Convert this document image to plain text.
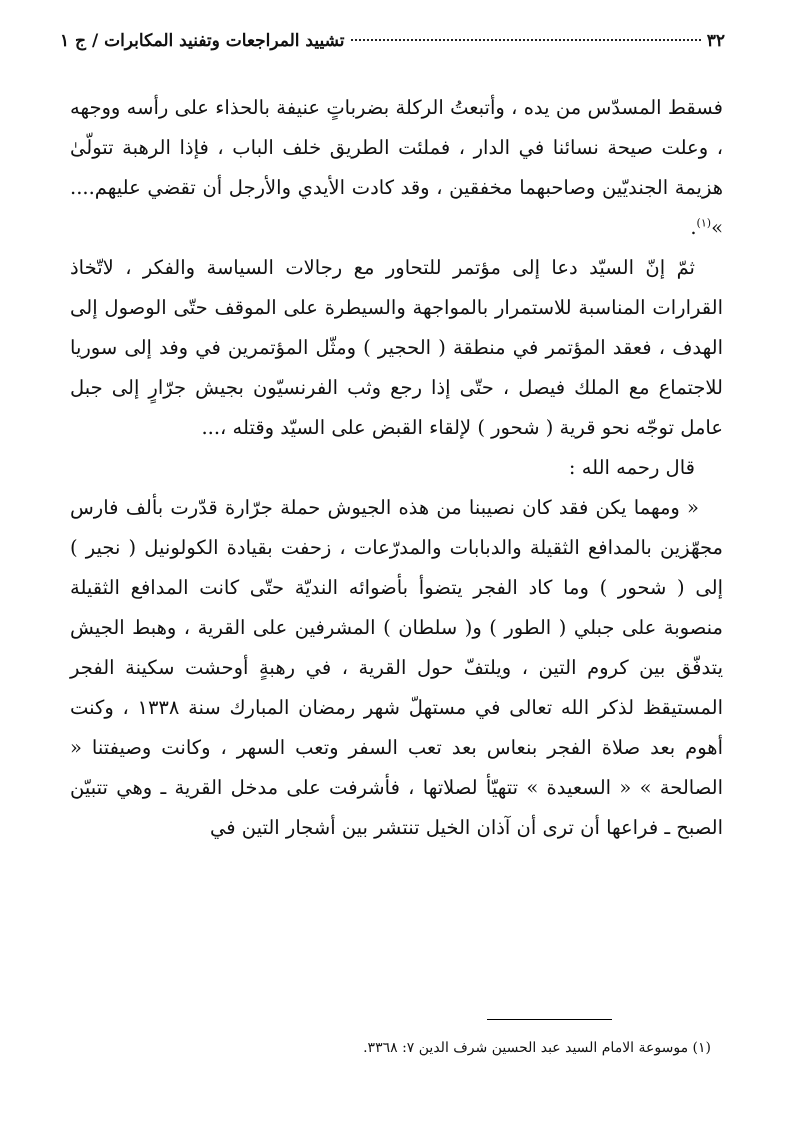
٣٢
تشييد المراجعات وتفنيد المكابرات / ج ١

فسقط المسدّس من يده ، وأتبعتُ الركلة بضرباتٍ عنيفة بالحذاء على رأسه ووجهه ، وعلت صيحة نسائنا في الدار ، فملئت الطريق خلف الباب ، فإذا الرهبة تتولّىٰ هزيمة الجنديّين وصاحبهما مخفقين ، وقد كادت الأيدي والأرجل أن تقضي عليهم.... »$^{(١)}$.

ثمّ إنّ السيّد دعا إلى مؤتمر للتحاور مع رجالات السياسة والفكر ، لاتّخاذ القرارات المناسبة للاستمرار بالمواجهة والسيطرة على الموقف حتّى الوصول إلى الهدف ، فعقد المؤتمر في منطقة ( الحجير ) ومثّل المؤتمرين في وفد إلى سوريا للاجتماع مع الملك فيصل ، حتّى إذا رجع وثب الفرنسيّون بجيش جرّارٍ إلى جبل عامل توجّه نحو قرية ( شحور ) لإلقاء القبض على السيّد وقتله ،...

قال رحمه الله :

« ومهما يكن فقد كان نصيبنا من هذه الجيوش حملة جرّارة قدّرت بألف فارس مجهّزين بالمدافع الثقيلة والدبابات والمدرّعات ، زحفت بقيادة الكولونيل ( نجير ) إلى ( شحور ) وما كاد الفجر يتضوأ بأضوائه النديّة حتّى كانت المدافع الثقيلة منصوبة على جبلي ( الطور ) و( سلطان ) المشرفين على القرية ، وهبط الجيش يتدفّق بين كروم التين ، ويلتفّ حول القرية ، في رهبةٍ أوحشت سكينة الفجر المستيقظ لذكر الله تعالى في مستهلّ شهر رمضان المبارك سنة ١٣٣٨ ، وكنت أهوم بعد صلاة الفجر بنعاس بعد تعب السفر وتعب السهر ، وكانت وصيفتنا « الصالحة » « السعيدة » تتهيّأ لصلاتها ، فأشرفت على مدخل القرية ـ وهي تتبيّن الصبح ـ فراعها أن ترى أن آذان الخيل تنتشر بين أشجار التين في

(١) موسوعة الامام السيد عبد الحسين شرف الدين ٧: ٣٣٦٨.
